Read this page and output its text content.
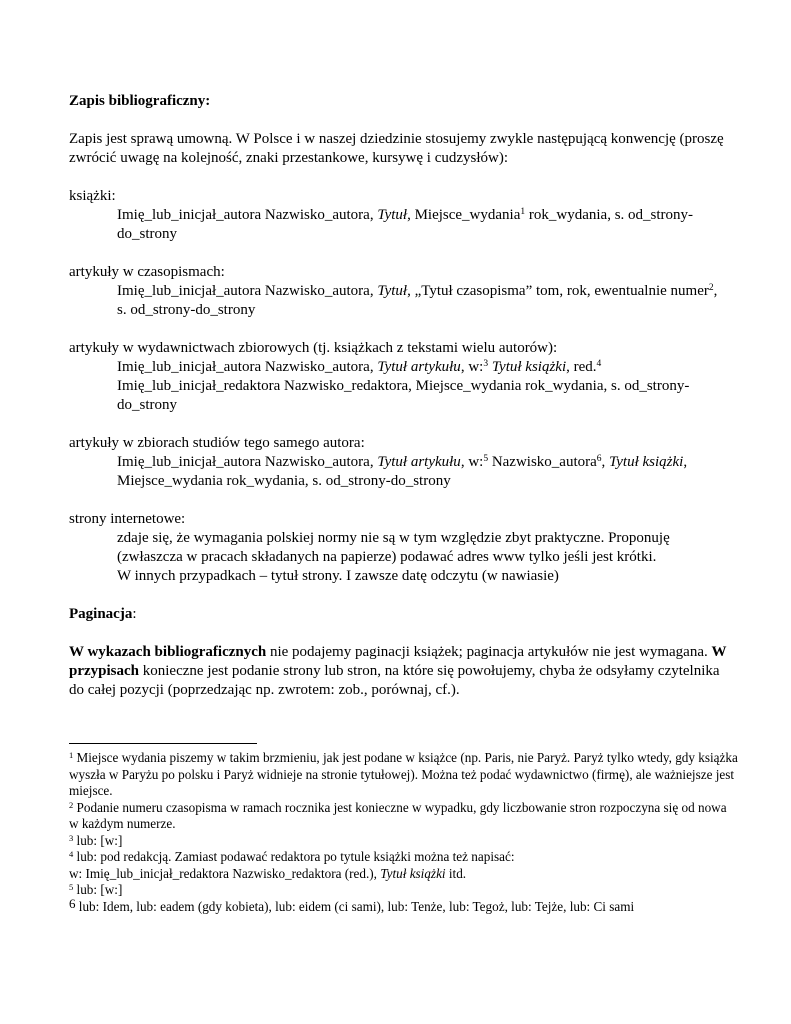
Zapis bibliograficzny:

Zapis jest sprawą umowną. W Polsce i w naszej dziedzinie stosujemy zwykle następującą konwencję (proszę zwrócić uwagę na kolejność, znaki przestankowe, kursywę i cudzysłów):

książki:

Imię_lub_inicjał_autora Nazwisko_autora, Tytuł, Miejsce_wydania$^1$ rok_wydania, s. od_strony-do_strony

artykuły w czasopismach:

Imię_lub_inicjał_autora Nazwisko_autora, Tytuł, „Tytuł czasopisma” tom, rok, ewentualnie numer$^2$, s. od_strony-do_strony

artykuły w wydawnictwach zbiorowych (tj. książkach z tekstami wielu autorów):

Imię_lub_inicjał_autora Nazwisko_autora, Tytuł artykułu, w:$^3$ Tytuł książki, red.$^4$

Imię_lub_inicjał_redaktora Nazwisko_redaktora, Miejsce_wydania rok_wydania, s. od_strony-do_strony

artykuły w zbiorach studiów tego samego autora:

Imię_lub_inicjał_autora Nazwisko_autora, Tytuł artykułu, w:$^5$ Nazwisko_autora$^6$, Tytuł książki, Miejsce_wydania rok_wydania, s. od_strony-do_strony

strony internetowe:

zdaje się, że wymagania polskiej normy nie są w tym względzie zbyt praktyczne. Proponuję (zwłaszcza w pracach składanych na papierze) podawać adres www tylko jeśli jest krótki.

W innych przypadkach – tytuł strony. I zawsze datę odczytu (w nawiasie)

Paginacja:

W wykazach bibliograficznych nie podajemy paginacji książek; paginacja artykułów nie jest wymagana. W przypisach konieczne jest podanie strony lub stron, na które się powołujemy, chyba że odsyłamy czytelnika do całej pozycji (poprzedzając np. zwrotem: zob., porównaj, cf.).

$^1$ Miejsce wydania piszemy w takim brzmieniu, jak jest podane w książce (np. Paris, nie Paryż. Paryż tylko wtedy, gdy książka wyszła w Paryżu po polsku i Paryż widnieje na stronie tytułowej). Można też podać wydawnictwo (firmę), ale ważniejsze jest miejsce.

$^2$ Podanie numeru czasopisma w ramach rocznika jest konieczne w wypadku, gdy liczbowanie stron rozpoczyna się od nowa w każdym numerze.

$^3$ lub: [w:]

$^4$ lub: pod redakcją. Zamiast podawać redaktora po tytule książki można też napisać:
w: Imię_lub_inicjał_redaktora Nazwisko_redaktora (red.), Tytuł książki itd.

$^5$ lub: [w:]

$^6$ lub: Idem, lub: eadem (gdy kobieta), lub: eidem (ci sami), lub: Tenże, lub: Tegoż, lub: Tejże, lub: Ci sami
